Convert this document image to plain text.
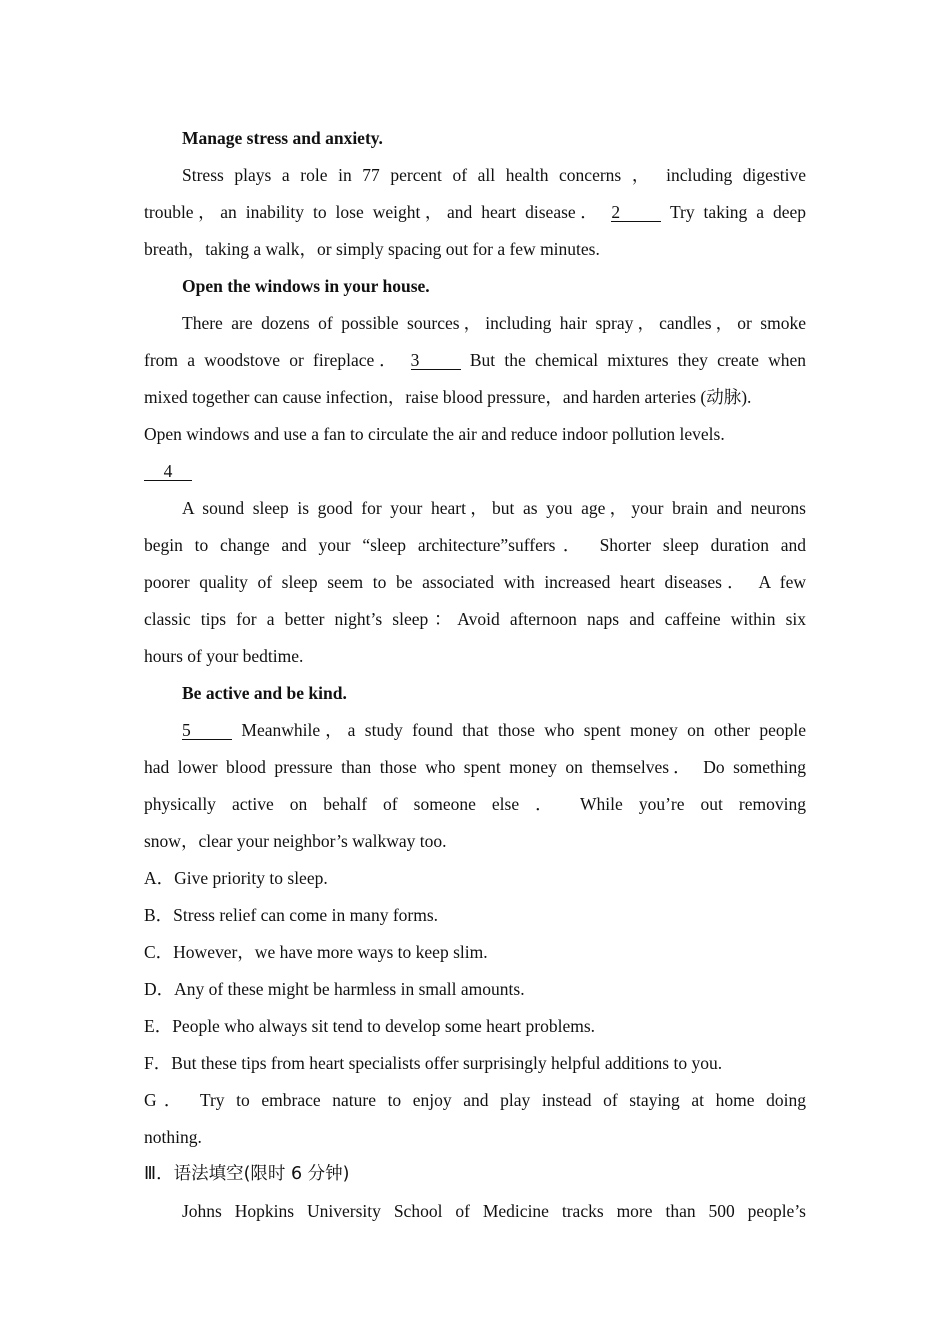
Manage stress and anxiety.
Stress plays a role in 77 percent of all health concerns ， including digestive
trouble，an inability to lose weight，and heart disease． 2	Try taking a deep
breath，taking a walk，or simply spacing out for a few minutes.
Open the windows in your house.
There are dozens of possible sources，including hair spray，candles，or smoke
from a woodstove or fireplace． 3	But the chemical mixtures they create when
mixed together can cause infection，raise blood pressure，and harden arteries (动脉).
Open windows and use a fan to circulate the air and reduce indoor pollution levels.
4
A sound sleep is good for your heart，but as you age，your brain and neurons
begin to change and your “sleep architecture”suffers． Shorter sleep duration and
poorer quality of sleep seem to be associated with increased heart diseases． A few
classic tips for a better night’s sleep：Avoid afternoon naps and caffeine within six
hours of your bedtime.
Be active and be kind.
5	Meanwhile，a study found that those who spent money on other people
had lower blood pressure than those who spent money on themselves． Do something
physically active on behalf of someone else ． While you’re out removing
snow，clear your neighbor’s walkway too.
A．Give priority to sleep.
B．Stress relief can come in many forms.
C．However，we have more ways to keep slim.
D．Any of these might be harmless in small amounts.
E．People who always sit tend to develop some heart problems.
F．But these tips from heart specialists offer surprisingly helpful additions to you.
G． Try to embrace nature to enjoy and play instead of staying at home doing
nothing.
Ⅲ．语法填空(限时 6 分钟)
Johns Hopkins University School of Medicine tracks more than 500 people’s
